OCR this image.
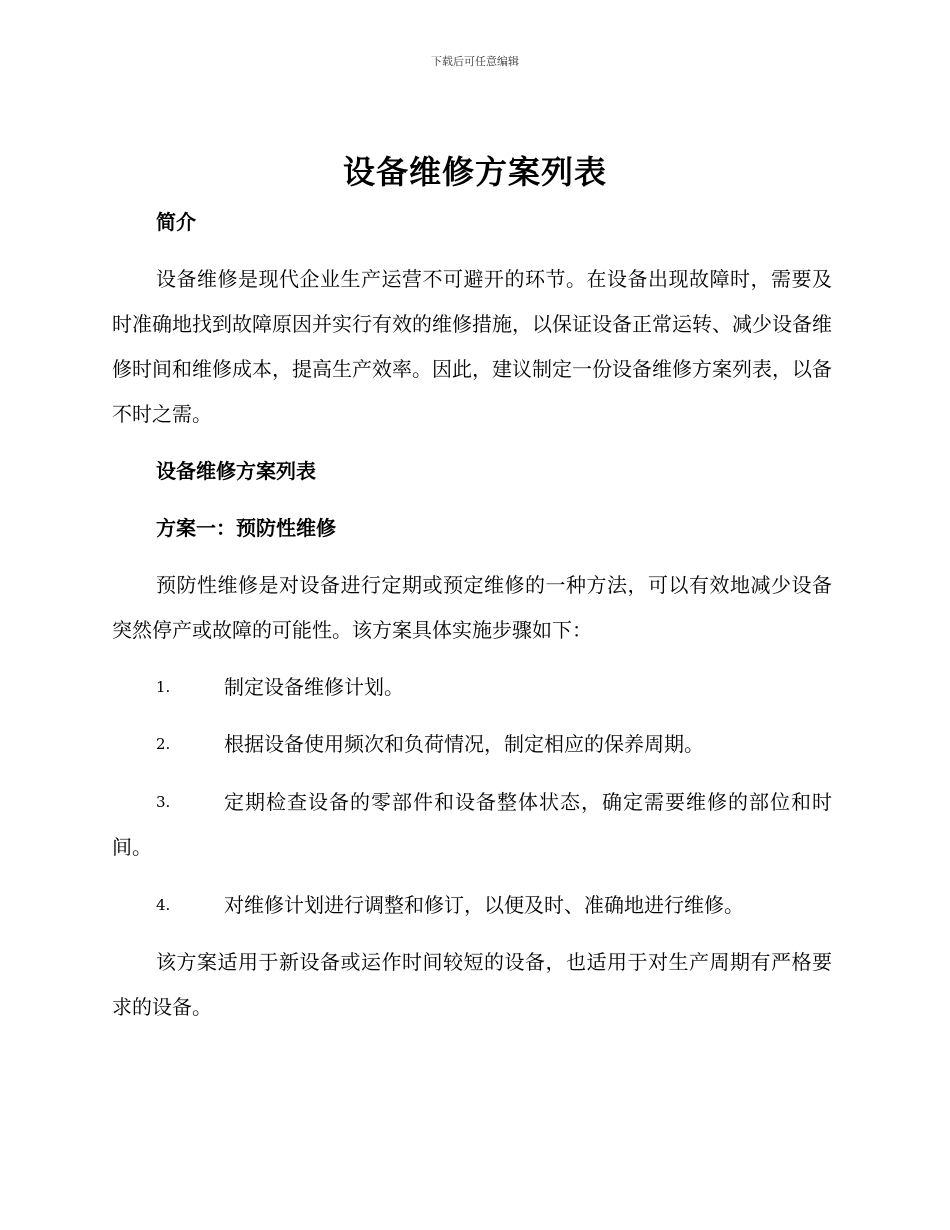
下载后可任意编辑
设备维修方案列表
简介

设备维修是现代企业生产运营不可避开的环节。在设备出现故障时，需要及时准确地找到故障原因并实行有效的维修措施，以保证设备正常运转、减少设备维修时间和维修成本，提高生产效率。因此，建议制定一份设备维修方案列表，以备不时之需。

设备维修方案列表
方案一：预防性维修

预防性维修是对设备进行定期或预定维修的一种方法，可以有效地减少设备突然停产或故障的可能性。该方案具体实施步骤如下：

1.	制定设备维修计划。
2.	根据设备使用频次和负荷情况，制定相应的保养周期。
3.	定期检查设备的零部件和设备整体状态，确定需要维修的部位和时间。
4.	对维修计划进行调整和修订，以便及时、准确地进行维修。

该方案适用于新设备或运作时间较短的设备，也适用于对生产周期有严格要求的设备。
